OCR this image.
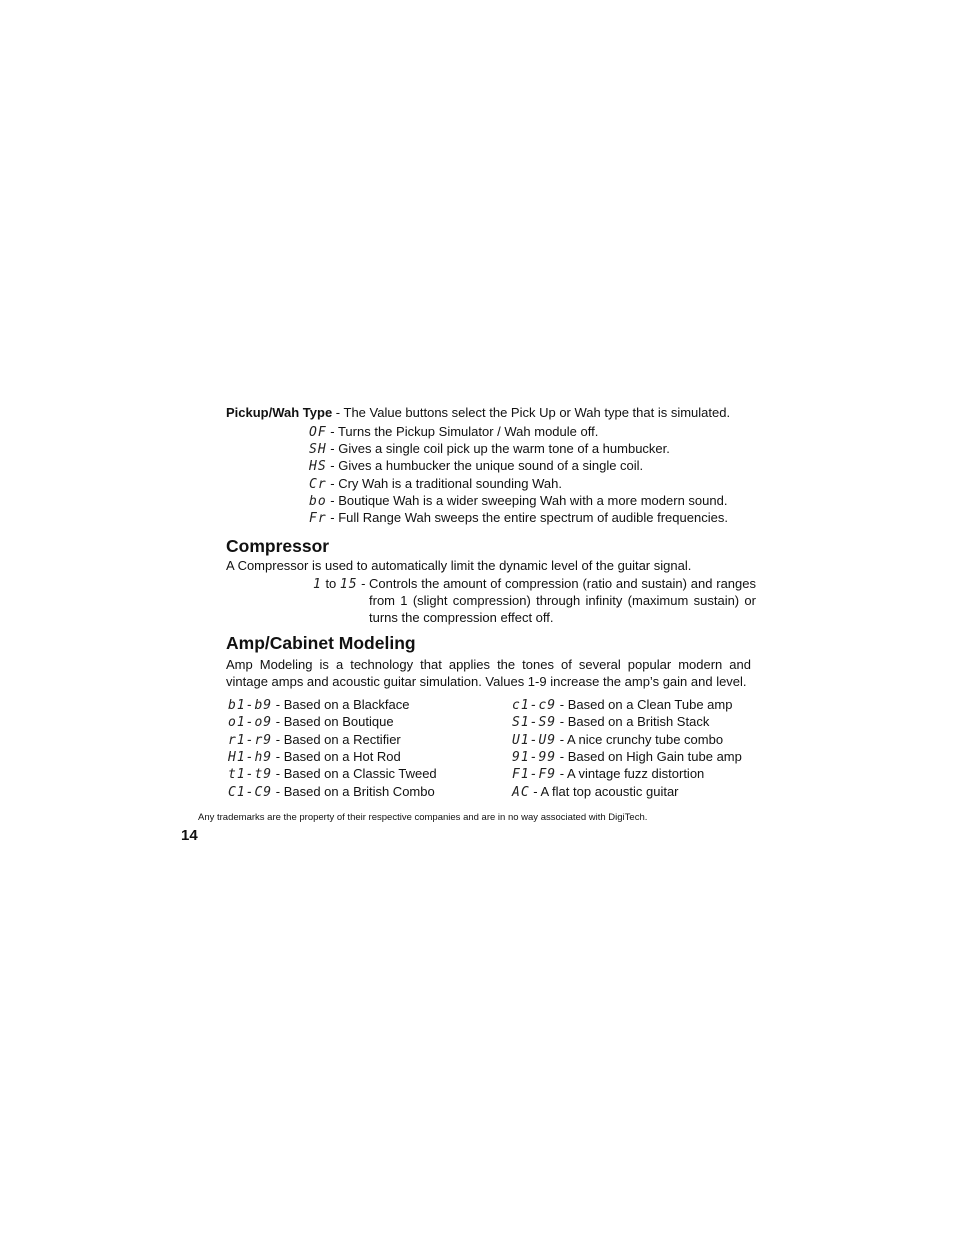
Pickup/Wah Type - The Value buttons select the Pick Up or Wah type that is simulated.
OF - Turns the Pickup Simulator / Wah module off.
SH - Gives a single coil pick up the warm tone of a humbucker.
HS - Gives a humbucker the unique sound of a single coil.
Cr - Cry Wah is a traditional sounding Wah.
bo - Boutique Wah is a wider sweeping Wah with a more modern sound.
Fr - Full Range Wah sweeps the entire spectrum of audible frequencies.
Compressor
A Compressor is used to automatically limit the dynamic level of the guitar signal.
1 to 15 - Controls the amount of compression (ratio and sustain) and ranges from 1 (slight compression) through infinity (maximum sustain) or turns the compression effect off.
Amp/Cabinet Modeling
Amp Modeling is a technology that applies the tones of several popular modern and vintage amps and acoustic guitar simulation. Values 1-9 increase the amp’s gain and level.
b1-b9 - Based on a Blackface
o1-o9 - Based on Boutique
r1-r9 - Based on a Rectifier
H1-h9 - Based on a Hot Rod
t1-t9 - Based on a Classic Tweed
C1-C9 - Based on a British Combo
c1-c9 - Based on a Clean Tube amp
S1-S9 - Based on a British Stack
U1-U9 - A nice crunchy tube combo
91-99 - Based on High Gain tube amp
F1-F9 - A vintage fuzz distortion
AC - A flat top acoustic guitar
Any trademarks are the property of their respective companies and are in no way associated with DigiTech.
14
